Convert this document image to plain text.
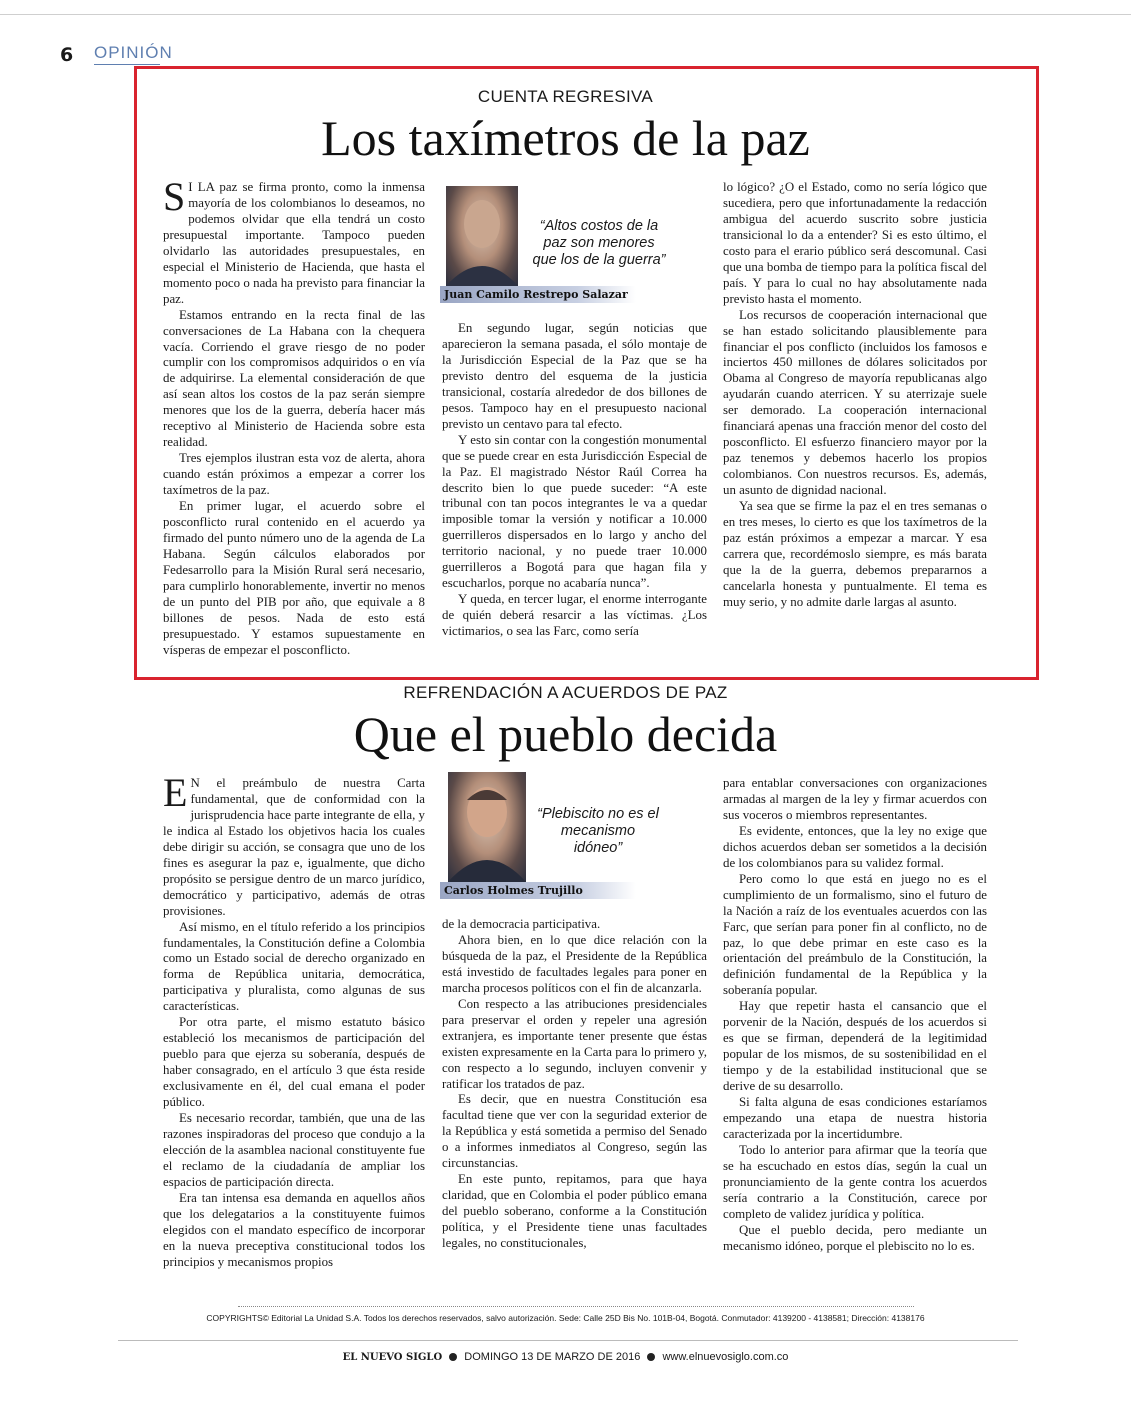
6 OPINIÓN
CUENTA REGRESIVA
Los taxímetros de la paz

S I LA paz se firma pronto, como la inmensa mayoría de los colombianos lo deseamos, no podemos olvidar que ella tendrá un costo presupuestal importante. Tampoco pueden olvidarlo las autoridades presupuestales, en especial el Ministerio de Hacienda, que hasta el momento poco o nada ha previsto para financiar la paz.

Estamos entrando en la recta final de las conversaciones de La Habana con la chequera vacía. Corriendo el grave riesgo de no poder cumplir con los compromisos adquiridos o en vía de adquirirse. La elemental consideración de que así sean altos los costos de la paz serán siempre menores que los de la guerra, debería hacer más receptivo al Ministerio de Hacienda sobre esta realidad.

Tres ejemplos ilustran esta voz de alerta, ahora cuando están próximos a empezar a correr los taxímetros de la paz.

En primer lugar, el acuerdo sobre el posconflicto rural contenido en el acuerdo ya firmado del punto número uno de la agenda de La Habana. Según cálculos elaborados por Fedesarrollo para la Misión Rural será necesario, para cumplirlo honorablemente, invertir no menos de un punto del PIB por año, que equivale a 8 billones de pesos. Nada de esto está presupuestado. Y estamos supuestamente en vísperas de empezar el posconflicto.

“Altos costos de la paz son menores que los de la guerra”
Juan Camilo Restrepo Salazar

En segundo lugar, según noticias que aparecieron la semana pasada, el sólo montaje de la Jurisdicción Especial de la Paz que se ha previsto dentro del esquema de la justicia transicional, costaría alrededor de dos billones de pesos. Tampoco hay en el presupuesto nacional previsto un centavo para tal efecto.

Y esto sin contar con la congestión monumental que se puede crear en esta Jurisdicción Especial de la Paz. El magistrado Néstor Raúl Correa ha descrito bien lo que puede suceder: “A este tribunal con tan pocos integrantes le va a quedar imposible tomar la versión y notificar a 10.000 guerrilleros dispersados en lo largo y ancho del territorio nacional, y no puede traer 10.000 guerrilleros a Bogotá para que hagan fila y escucharlos, porque no acabaría nunca”.

Y queda, en tercer lugar, el enorme interrogante de quién deberá resarcir a las víctimas. ¿Los victimarios, o sea las Farc, como sería

lo lógico? ¿O el Estado, como no sería lógico que sucediera, pero que infortunadamente la redacción ambigua del acuerdo suscrito sobre justicia transicional lo da a entender? Si es esto último, el costo para el erario público será descomunal. Casi que una bomba de tiempo para la política fiscal del país. Y para lo cual no hay absolutamente nada previsto hasta el momento.

Los recursos de cooperación internacional que se han estado solicitando plausiblemente para financiar el pos conflicto (incluidos los famosos e inciertos 450 millones de dólares solicitados por Obama al Congreso de mayoría republicanas algo ayudarán cuando aterricen. Y su aterrizaje suele ser demorado. La cooperación internacional financiará apenas una fracción menor del costo del posconflicto. El esfuerzo financiero mayor por la paz tenemos y debemos hacerlo los propios colombianos. Con nuestros recursos. Es, además, un asunto de dignidad nacional.

Ya sea que se firme la paz el en tres semanas o en tres meses, lo cierto es que los taxímetros de la paz están próximos a empezar a marcar. Y esa carrera que, recordémoslo siempre, es más barata que la de la guerra, debemos prepararnos a cancelarla honesta y puntualmente. El tema es muy serio, y no admite darle largas al asunto.

REFRENDACIÓN A ACUERDOS DE PAZ
Que el pueblo decida

E N el preámbulo de nuestra Carta fundamental, que de conformidad con la jurisprudencia hace parte integrante de ella, y le indica al Estado los objetivos hacia los cuales debe dirigir su acción, se consagra que uno de los fines es asegurar la paz e, igualmente, que dicho propósito se persigue dentro de un marco jurídico, democrático y participativo, además de otras provisiones.

Así mismo, en el título referido a los principios fundamentales, la Constitución define a Colombia como un Estado social de derecho organizado en forma de República unitaria, democrática, participativa y pluralista, como algunas de sus características.

Por otra parte, el mismo estatuto básico estableció los mecanismos de participación del pueblo para que ejerza su soberanía, después de haber consagrado, en el artículo 3 que ésta reside exclusivamente en él, del cual emana el poder público.

Es necesario recordar, también, que una de las razones inspiradoras del proceso que condujo a la elección de la asamblea nacional constituyente fue el reclamo de la ciudadanía de ampliar los espacios de participación directa.

Era tan intensa esa demanda en aquellos años que los delegatarios a la constituyente fuimos elegidos con el mandato específico de incorporar en la nueva preceptiva constitucional todos los principios y mecanismos propios

“Plebiscito no es el mecanismo idóneo”
Carlos Holmes Trujillo

de la democracia participativa.

Ahora bien, en lo que dice relación con la búsqueda de la paz, el Presidente de la República está investido de facultades legales para poner en marcha procesos políticos con el fin de alcanzarla.

Con respecto a las atribuciones presidenciales para preservar el orden y repeler una agresión extranjera, es importante tener presente que éstas existen expresamente en la Carta para lo primero y, con respecto a lo segundo, incluyen convenir y ratificar los tratados de paz.

Es decir, que en nuestra Constitución esa facultad tiene que ver con la seguridad exterior de la República y está sometida a permiso del Senado o a informes inmediatos al Congreso, según las circunstancias.

En este punto, repitamos, para que haya claridad, que en Colombia el poder público emana del pueblo soberano, conforme a la Constitución política, y el Presidente tiene unas facultades legales, no constitucionales,

para entablar conversaciones con organizaciones armadas al margen de la ley y firmar acuerdos con sus voceros o miembros representantes.

Es evidente, entonces, que la ley no exige que dichos acuerdos deban ser sometidos a la decisión de los colombianos para su validez formal.

Pero como lo que está en juego no es el cumplimiento de un formalismo, sino el futuro de la Nación a raíz de los eventuales acuerdos con las Farc, que serían para poner fin al conflicto, no de paz, lo que debe primar en este caso es la orientación del preámbulo de la Constitución, la definición fundamental de la República y la soberanía popular.

Hay que repetir hasta el cansancio que el porvenir de la Nación, después de los acuerdos si es que se firman, dependerá de la legitimidad popular de los mismos, de su sostenibilidad en el tiempo y de la estabilidad institucional que se derive de su desarrollo.

Si falta alguna de esas condiciones estaríamos empezando una etapa de nuestra historia caracterizada por la incertidumbre.

Todo lo anterior para afirmar que la teoría que se ha escuchado en estos días, según la cual un pronunciamiento de la gente contra los acuerdos sería contrario a la Constitución, carece por completo de validez jurídica y política.

Que el pueblo decida, pero mediante un mecanismo idóneo, porque el plebiscito no lo es.

COPYRIGHTS© Editorial La Unidad S.A. Todos los derechos reservados, salvo autorización. Sede: Calle 25D Bis No. 101B-04, Bogotá. Conmutador: 4139200 - 4138581; Dirección: 4138176
EL NUEVO SIGLO DOMINGO 13 DE MARZO DE 2016 www.elnuevosiglo.com.co
